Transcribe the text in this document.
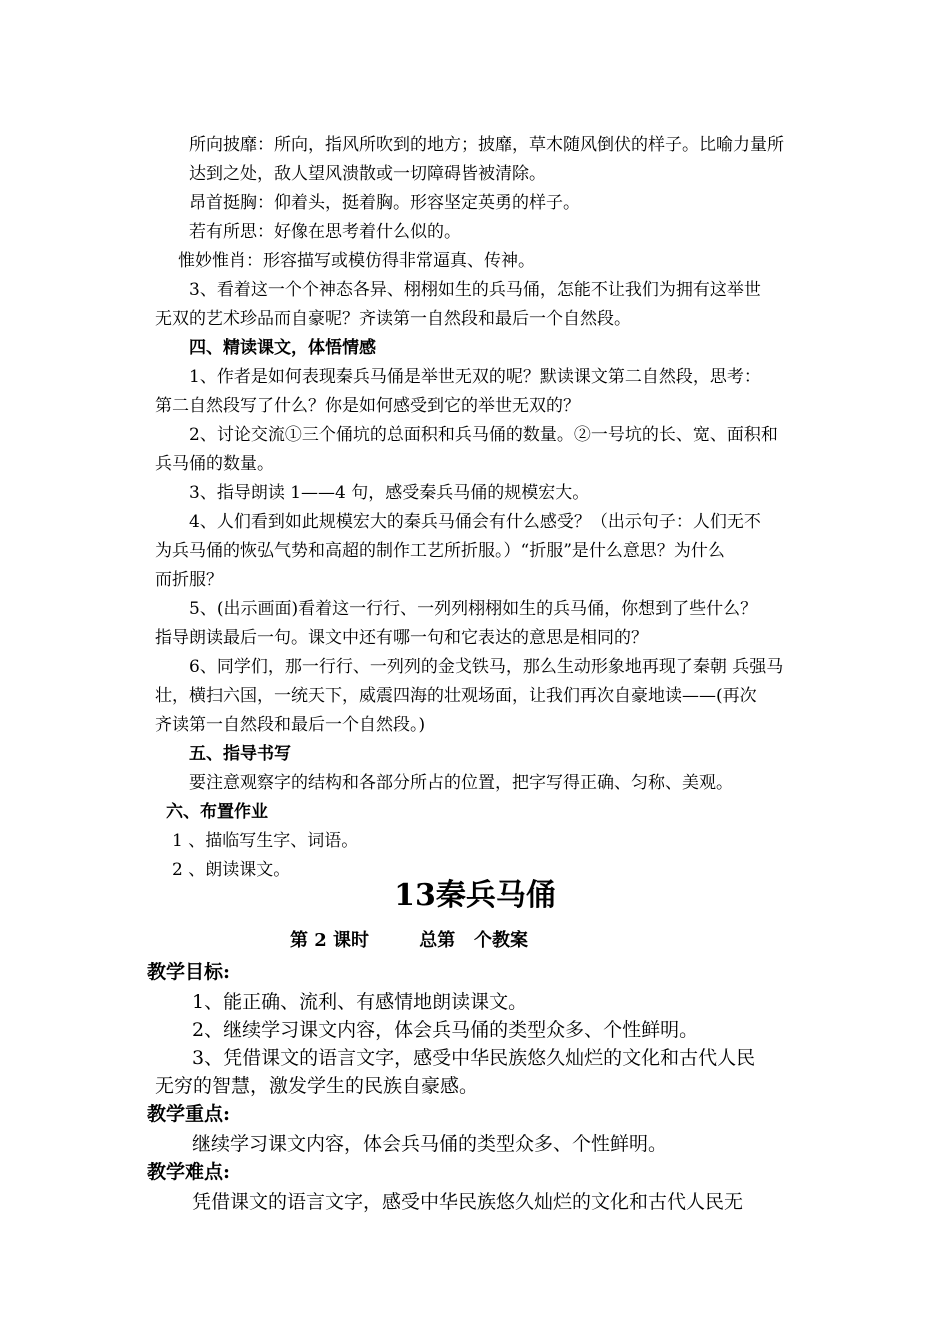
所向披靡：所向，指风所吹到的地方；披靡，草木随风倒伏的样子。比喻力量所
达到之处，敌人望风溃散或一切障碍皆被清除。
昂首挺胸：仰着头，挺着胸。形容坚定英勇的样子。
若有所思：好像在思考着什么似的。
惟妙惟肖：形容描写或模仿得非常逼真、传神。
3、看着这一个个神态各异、栩栩如生的兵马俑，怎能不让我们为拥有这举世
无双的艺术珍品而自豪呢？齐读第一自然段和最后一个自然段。
四、精读课文，体悟情感
1、作者是如何表现秦兵马俑是举世无双的呢？默读课文第二自然段，思考：
第二自然段写了什么？你是如何感受到它的举世无双的？
2、讨论交流①三个俑坑的总面积和兵马俑的数量。②一号坑的长、宽、面积和
兵马俑的数量。
3、指导朗读 1——4 句，感受秦兵马俑的规模宏大。
4、人们看到如此规模宏大的秦兵马俑会有什么感受？（出示句子：人们无不
为兵马俑的恢弘气势和高超的制作工艺所折服。）“折服”是什么意思？为什么
而折服？
5、(出示画面)看着这一行行、一列列栩栩如生的兵马俑，你想到了些什么？
指导朗读最后一句。课文中还有哪一句和它表达的意思是相同的？
6、同学们，那一行行、一列列的金戈铁马，那么生动形象地再现了秦朝 兵强马
壮，横扫六国，一统天下，威震四海的壮观场面，让我们再次自豪地读——(再次
齐读第一自然段和最后一个自然段。)
五、指导书写
要注意观察字的结构和各部分所占的位置，把字写得正确、匀称、美观。
六、布置作业
1 、描临写生字、词语。
2 、朗读课文。
13秦兵马俑
第 2 课时        总第   个教案
教学目标:
1、能正确、流利、有感情地朗读课文。
2、继续学习课文内容，体会兵马俑的类型众多、个性鲜明。
3、凭借课文的语言文字，感受中华民族悠久灿烂的文化和古代人民
无穷的智慧，激发学生的民族自豪感。
教学重点:
继续学习课文内容，体会兵马俑的类型众多、个性鲜明。
教学难点:
凭借课文的语言文字，感受中华民族悠久灿烂的文化和古代人民无
